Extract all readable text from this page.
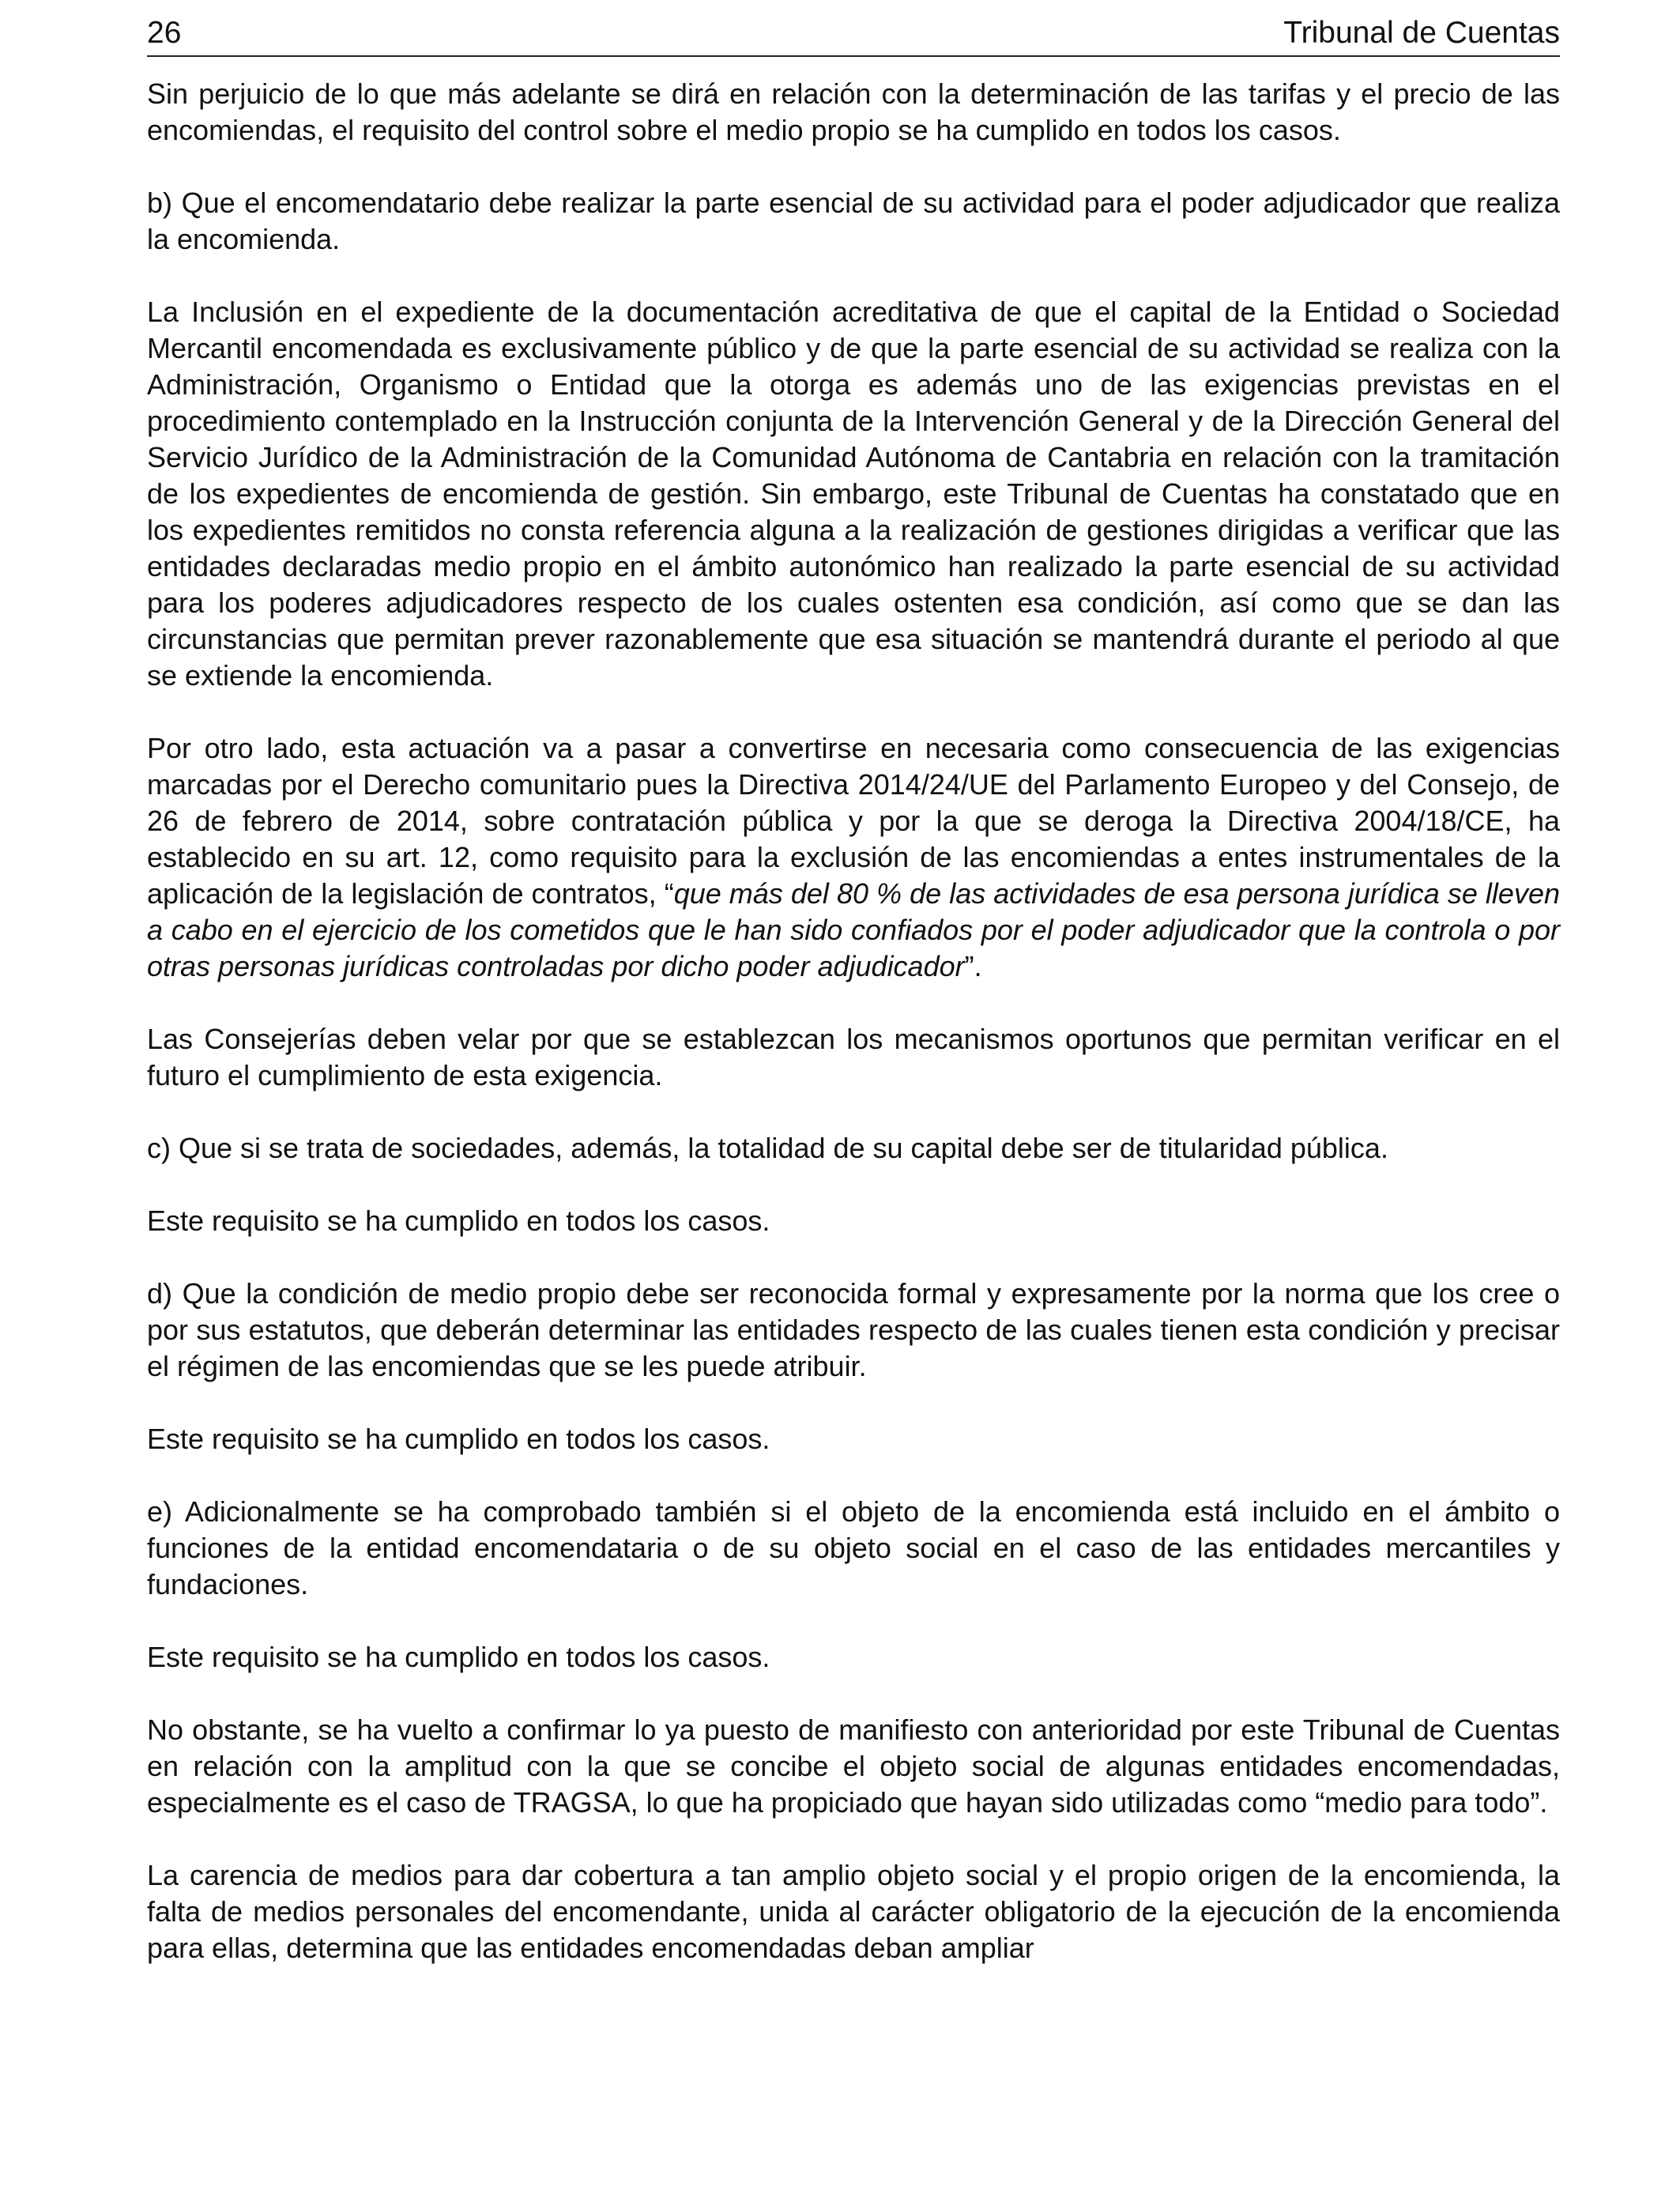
26	Tribunal de Cuentas

Sin perjuicio de lo que más adelante se dirá en relación con la determinación de las tarifas y el precio de las encomiendas, el requisito del control sobre el medio propio se ha cumplido en todos los casos.

b) Que el encomendatario debe realizar la parte esencial de su actividad para el poder adjudicador que realiza la encomienda.

La Inclusión en el expediente de la documentación acreditativa de que el capital de la Entidad o Sociedad Mercantil encomendada es exclusivamente público y de que la parte esencial de su actividad se realiza con la Administración, Organismo o Entidad que la otorga es además uno de las exigencias previstas en el procedimiento contemplado en la Instrucción conjunta de la Intervención General y de la Dirección General del Servicio Jurídico de la Administración de la Comunidad Autónoma de Cantabria en relación con la tramitación de los expedientes de encomienda de gestión. Sin embargo, este Tribunal de Cuentas ha constatado que en los expedientes remitidos no consta referencia alguna a la realización de gestiones dirigidas a verificar que las entidades declaradas medio propio en el ámbito autonómico han realizado la parte esencial de su actividad para los poderes adjudicadores respecto de los cuales ostenten esa condición, así como que se dan las circunstancias que permitan prever razonablemente que esa situación se mantendrá durante el periodo al que se extiende la encomienda.

Por otro lado, esta actuación va a pasar a convertirse en necesaria como consecuencia de las exigencias marcadas por el Derecho comunitario pues la Directiva 2014/24/UE del Parlamento Europeo y del Consejo, de 26 de febrero de 2014, sobre contratación pública y por la que se deroga la Directiva 2004/18/CE, ha establecido en su art. 12, como requisito para la exclusión de las encomiendas a entes instrumentales de la aplicación de la legislación de contratos, “que más del 80 % de las actividades de esa persona jurídica se lleven a cabo en el ejercicio de los cometidos que le han sido confiados por el poder adjudicador que la controla o por otras personas jurídicas controladas por dicho poder adjudicador”.

Las Consejerías deben velar por que se establezcan los mecanismos oportunos que permitan verificar en el futuro el cumplimiento de esta exigencia.

c) Que si se trata de sociedades, además, la totalidad de su capital debe ser de titularidad pública.

Este requisito se ha cumplido en todos los casos.

d) Que la condición de medio propio debe ser reconocida formal y expresamente por la norma que los cree o por sus estatutos, que deberán determinar las entidades respecto de las cuales tienen esta condición y precisar el régimen de las encomiendas que se les puede atribuir.

Este requisito se ha cumplido en todos los casos.

e) Adicionalmente se ha comprobado también si el objeto de la encomienda está incluido en el ámbito o funciones de la entidad encomendataria o de su objeto social en el caso de las entidades mercantiles y fundaciones.

Este requisito se ha cumplido en todos los casos.

No obstante, se ha vuelto a confirmar lo ya puesto de manifiesto con anterioridad por este Tribunal de Cuentas en relación con la amplitud con la que se concibe el objeto social de algunas entidades encomendadas, especialmente es el caso de TRAGSA, lo que ha propiciado que hayan sido utilizadas como “medio para todo”.

La carencia de medios para dar cobertura a tan amplio objeto social y el propio origen de la encomienda, la falta de medios personales del encomendante, unida al carácter obligatorio de la ejecución de la encomienda para ellas, determina que las entidades encomendadas deban ampliar
